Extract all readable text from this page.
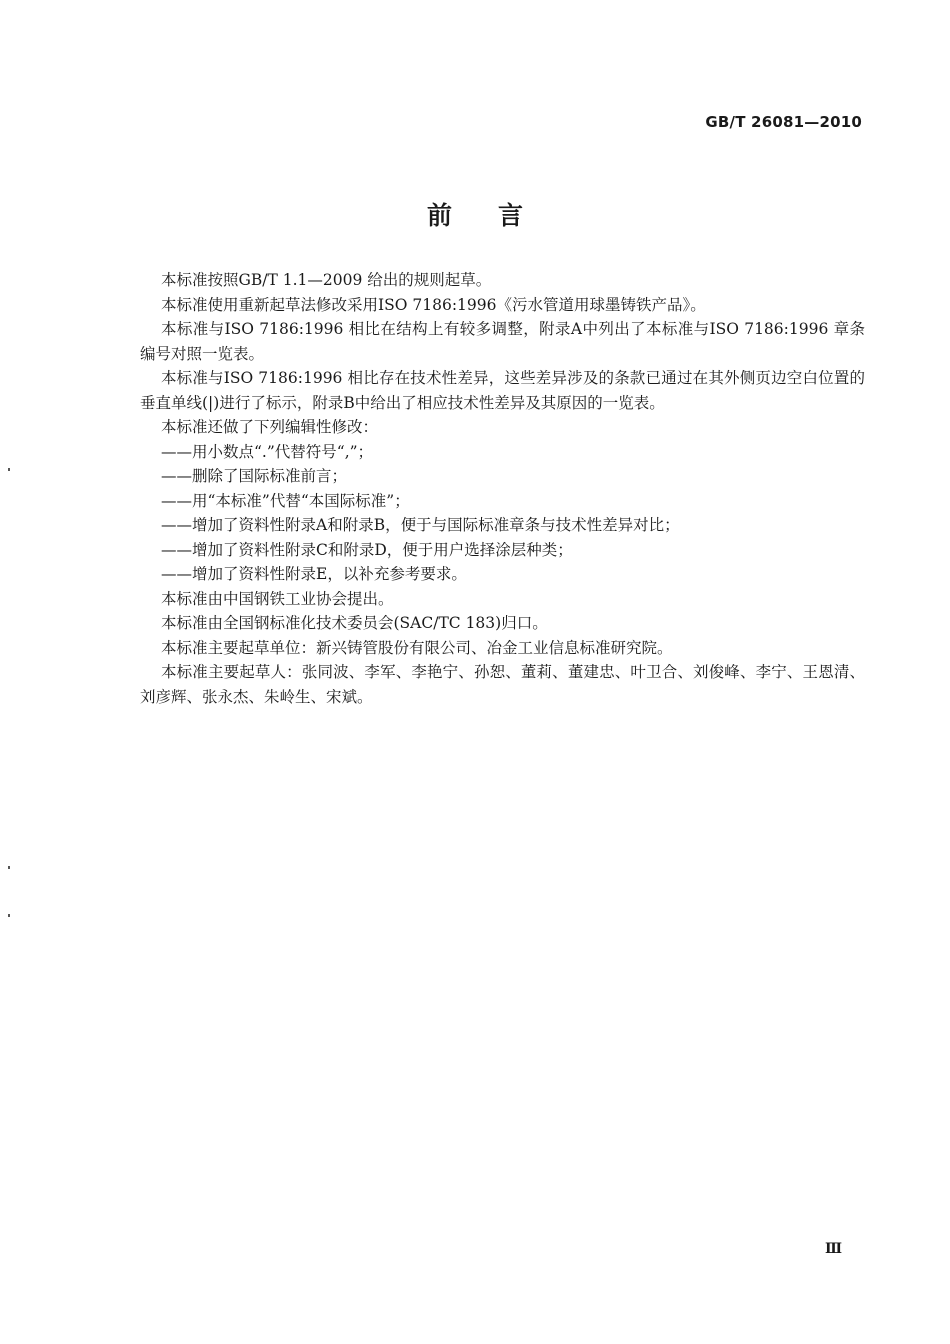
GB/T 26081—2010
前言

本标准按照GB/T 1.1—2009 给出的规则起草。

本标准使用重新起草法修改采用ISO 7186:1996《污水管道用球墨铸铁产品》。

本标准与ISO 7186:1996 相比在结构上有较多调整，附录A中列出了本标准与ISO 7186:1996 章条编号对照一览表。

本标准与ISO 7186:1996 相比存在技术性差异，这些差异涉及的条款已通过在其外侧页边空白位置的垂直单线(|)进行了标示，附录B中给出了相应技术性差异及其原因的一览表。

本标准还做了下列编辑性修改：

——用小数点“.”代替符号“,”；

——删除了国际标准前言；

——用“本标准”代替“本国际标准”；

——增加了资料性附录A和附录B，便于与国际标准章条与技术性差异对比；

——增加了资料性附录C和附录D，便于用户选择涂层种类；

——增加了资料性附录E，以补充参考要求。

本标准由中国钢铁工业协会提出。

本标准由全国钢标准化技术委员会(SAC/TC 183)归口。

本标准主要起草单位：新兴铸管股份有限公司、冶金工业信息标准研究院。

本标准主要起草人：张同波、李军、李艳宁、孙恕、董莉、董建忠、叶卫合、刘俊峰、李宁、王恩清、刘彦辉、张永杰、朱岭生、宋斌。

Ⅲ
